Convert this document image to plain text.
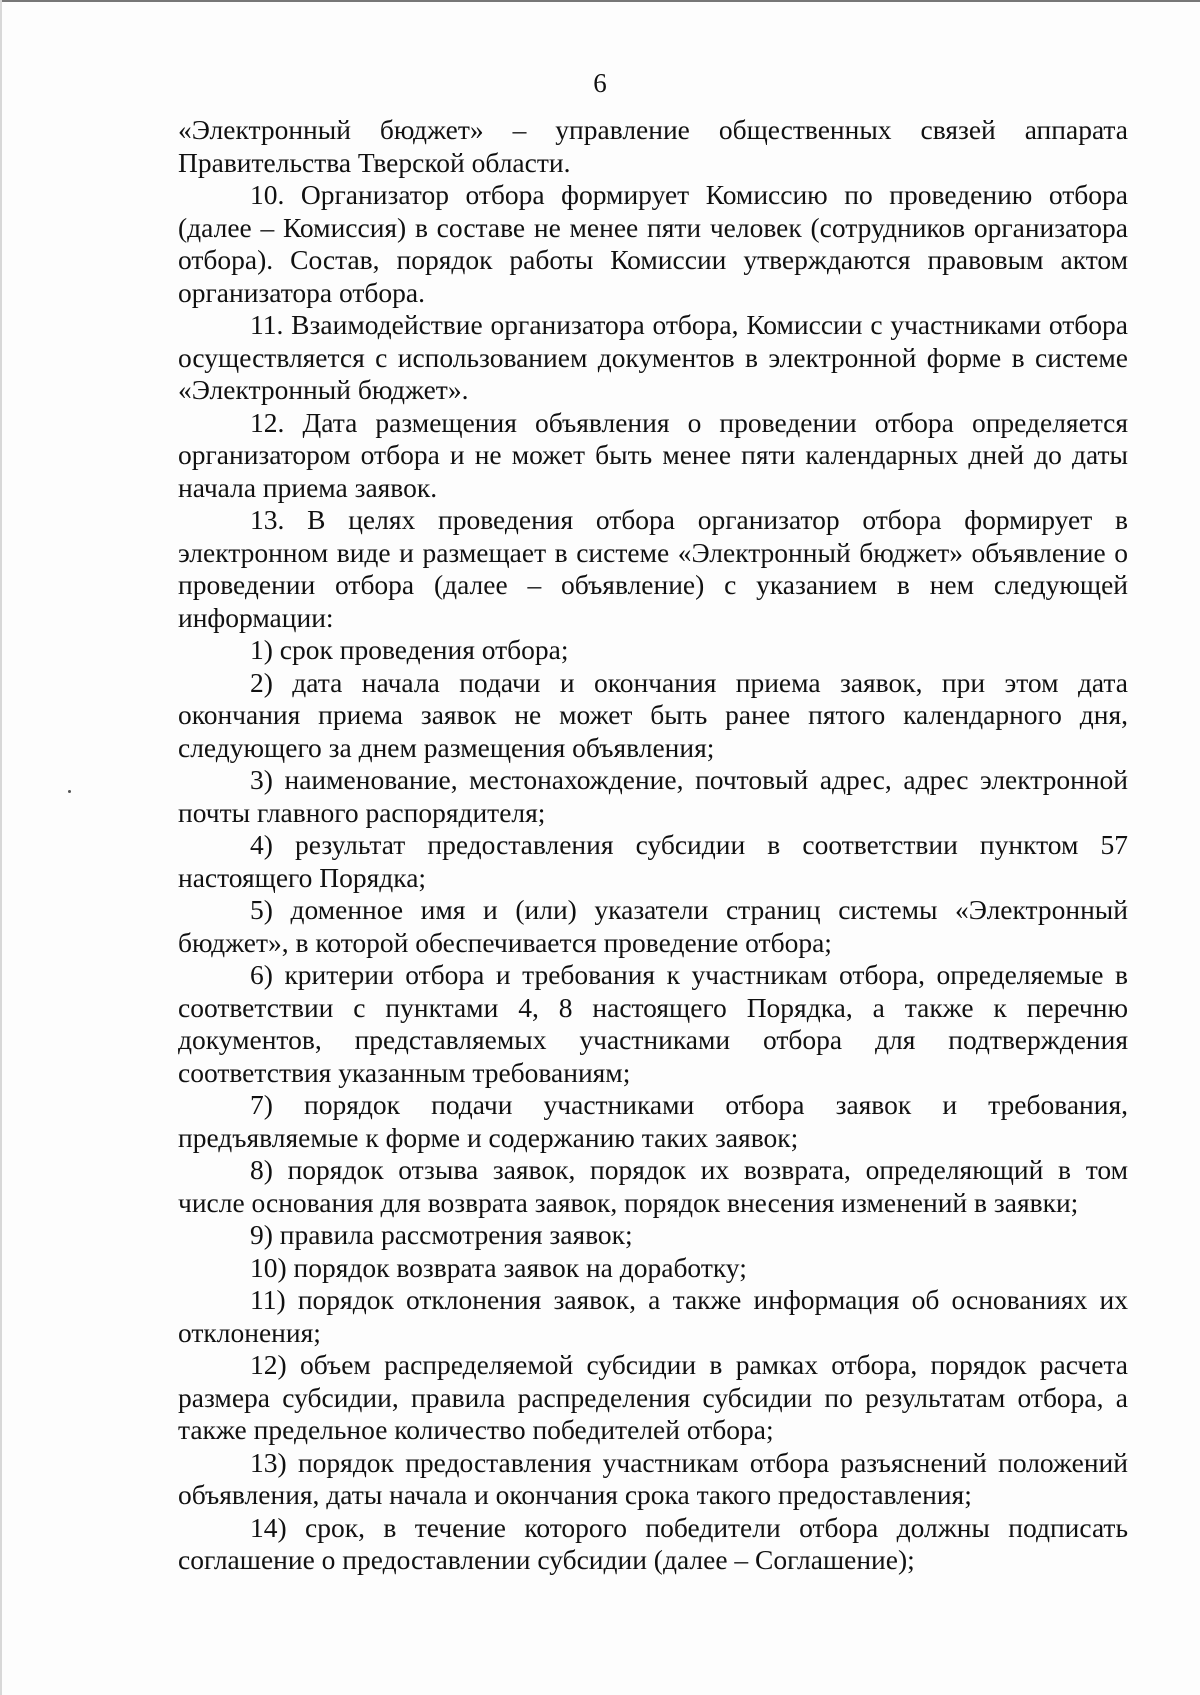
6

«Электронный бюджет» – управление общественных связей аппарата Правительства Тверской области.

10. Организатор отбора формирует Комиссию по проведению отбора (далее – Комиссия) в составе не менее пяти человек (сотрудников организатора отбора). Состав, порядок работы Комиссии утверждаются правовым актом организатора отбора.

11. Взаимодействие организатора отбора, Комиссии с участниками отбора осуществляется с использованием документов в электронной форме в системе «Электронный бюджет».

12. Дата размещения объявления о проведении отбора определяется организатором отбора и не может быть менее пяти календарных дней до даты начала приема заявок.

13. В целях проведения отбора организатор отбора формирует в электронном виде и размещает в системе «Электронный бюджет» объявление о проведении отбора (далее – объявление) с указанием в нем следующей информации:

1) срок проведения отбора;

2) дата начала подачи и окончания приема заявок, при этом дата окончания приема заявок не может быть ранее пятого календарного дня, следующего за днем размещения объявления;

3) наименование, местонахождение, почтовый адрес, адрес электронной почты главного распорядителя;

4) результат предоставления субсидии в соответствии пунктом 57 настоящего Порядка;

5) доменное имя и (или) указатели страниц системы «Электронный бюджет», в которой обеспечивается проведение отбора;

6) критерии отбора и требования к участникам отбора, определяемые в соответствии с пунктами 4, 8 настоящего Порядка, а также к перечню документов, представляемых участниками отбора для подтверждения соответствия указанным требованиям;

7) порядок подачи участниками отбора заявок и требования, предъявляемые к форме и содержанию таких заявок;

8) порядок отзыва заявок, порядок их возврата, определяющий в том числе основания для возврата заявок, порядок внесения изменений в заявки;

9) правила рассмотрения заявок;

10) порядок возврата заявок на доработку;

11) порядок отклонения заявок, а также информация об основаниях их отклонения;

12) объем распределяемой субсидии в рамках отбора, порядок расчета размера субсидии, правила распределения субсидии по результатам отбора, а также предельное количество победителей отбора;

13) порядок предоставления участникам отбора разъяснений положений объявления, даты начала и окончания срока такого предоставления;

14) срок, в течение которого победители отбора должны подписать соглашение о предоставлении субсидии (далее – Соглашение);
